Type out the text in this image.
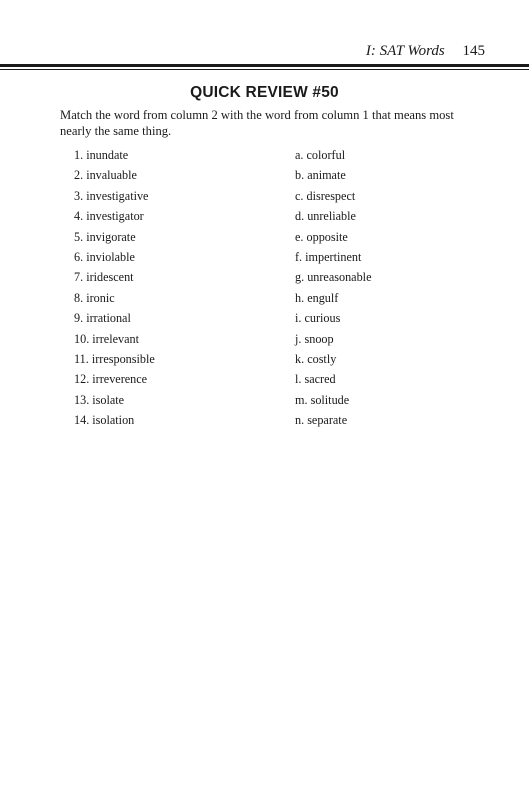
I: SAT Words 145
QUICK REVIEW #50
Match the word from column 2 with the word from column 1 that means most nearly the same thing.
1. inundate
2. invaluable
3. investigative
4. investigator
5. invigorate
6. inviolable
7. iridescent
8. ironic
9. irrational
10. irrelevant
11. irresponsible
12. irreverence
13. isolate
14. isolation
a. colorful
b. animate
c. disrespect
d. unreliable
e. opposite
f. impertinent
g. unreasonable
h. engulf
i. curious
j. snoop
k. costly
l. sacred
m. solitude
n. separate
